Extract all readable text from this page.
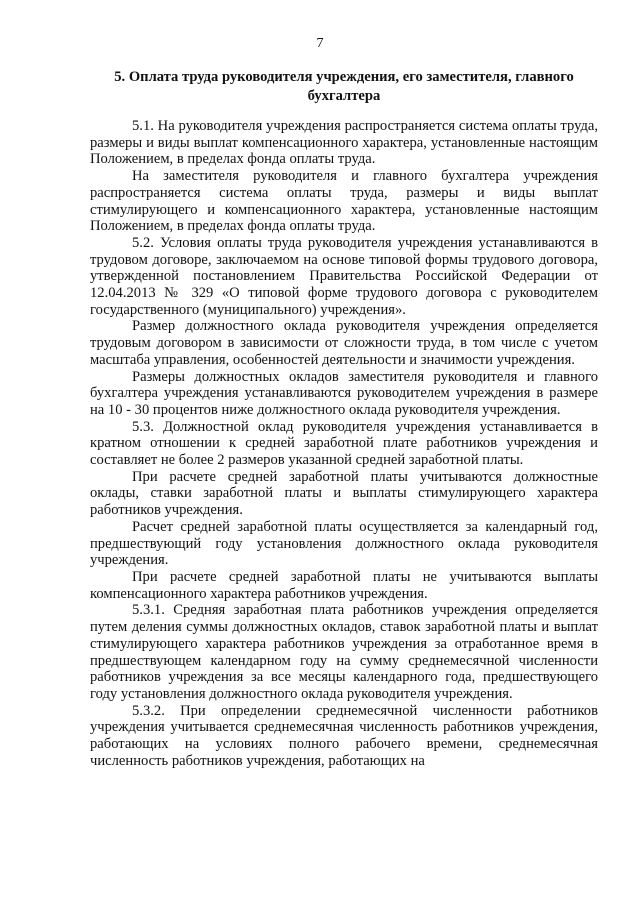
7
5. Оплата труда руководителя учреждения, его заместителя, главного бухгалтера

5.1. На руководителя учреждения распространяется система оплаты труда, размеры и виды выплат компенсационного характера, установленные настоящим Положением, в пределах фонда оплаты труда.

На заместителя руководителя и главного бухгалтера учреждения распространяется система оплаты труда, размеры и виды выплат стимулирующего и компенсационного характера, установленные настоящим Положением, в пределах фонда оплаты труда.

5.2. Условия оплаты труда руководителя учреждения устанавливаются в трудовом договоре, заключаемом на основе типовой формы трудового договора, утвержденной постановлением Правительства Российской Федерации от 12.04.2013 № 329 «О типовой форме трудового договора с руководителем государственного (муниципального) учреждения».

Размер должностного оклада руководителя учреждения определяется трудовым договором в зависимости от сложности труда, в том числе с учетом масштаба управления, особенностей деятельности и значимости учреждения.

Размеры должностных окладов заместителя руководителя и главного бухгалтера учреждения устанавливаются руководителем учреждения в размере на 10 - 30 процентов ниже должностного оклада руководителя учреждения.

5.3. Должностной оклад руководителя учреждения устанавливается в кратном отношении к средней заработной плате работников учреждения и составляет не более 2 размеров указанной средней заработной платы.

При расчете средней заработной платы учитываются должностные оклады, ставки заработной платы и выплаты стимулирующего характера работников учреждения.

Расчет средней заработной платы осуществляется за календарный год, предшествующий году установления должностного оклада руководителя учреждения.

При расчете средней заработной платы не учитываются выплаты компенсационного характера работников учреждения.

5.3.1. Средняя заработная плата работников учреждения определяется путем деления суммы должностных окладов, ставок заработной платы и выплат стимулирующего характера работников учреждения за отработанное время в предшествующем календарном году на сумму среднемесячной численности работников учреждения за все месяцы календарного года, предшествующего году установления должностного оклада руководителя учреждения.

5.3.2. При определении среднемесячной численности работников учреждения учитывается среднемесячная численность работников учреждения, работающих на условиях полного рабочего времени, среднемесячная численность работников учреждения, работающих на
